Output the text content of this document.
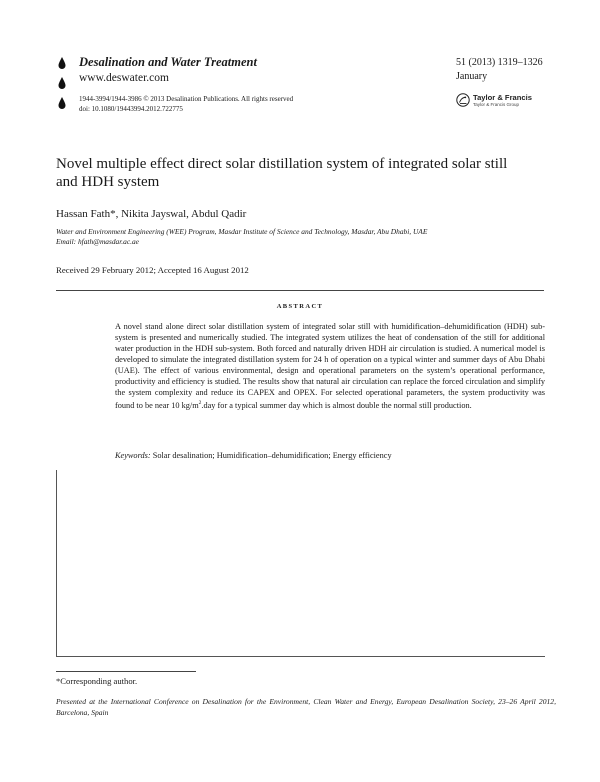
Desalination and Water Treatment
www.deswater.com
1944-3994/1944-3986 © 2013 Desalination Publications. All rights reserved
doi: 10.1080/19443994.2012.722775
51 (2013) 1319–1326
January
Taylor & Francis
Taylor & Francis Group
Novel multiple effect direct solar distillation system of integrated solar still and HDH system
Hassan Fath*, Nikita Jayswal, Abdul Qadir
Water and Environment Engineering (WEE) Program, Masdar Institute of Science and Technology, Masdar, Abu Dhabi, UAE
Email: hfath@masdar.ac.ae
Received 29 February 2012; Accepted 16 August 2012
ABSTRACT
A novel stand alone direct solar distillation system of integrated solar still with humidification–dehumidification (HDH) sub-system is presented and numerically studied. The integrated system utilizes the heat of condensation of the still for additional water production in the HDH sub-system. Both forced and naturally driven HDH air circulation is studied. A numerical model is developed to simulate the integrated distillation system for 24 h of operation on a typical winter and summer days of Abu Dhabi (UAE). The effect of various environmental, design and operational parameters on the system’s operational performance, productivity and efficiency is studied. The results show that natural air circulation can replace the forced circulation and simplify the system complexity and reduce its CAPEX and OPEX. For selected operational parameters, the system productivity was found to be near 10 $kg/m^2.day$ for a typical summer day which is almost double the normal still production.
Keywords: Solar desalination; Humidification–dehumidification; Energy efficiency
*Corresponding author.
Presented at the International Conference on Desalination for the Environment, Clean Water and Energy, European Desalination Society, 23–26 April 2012, Barcelona, Spain
